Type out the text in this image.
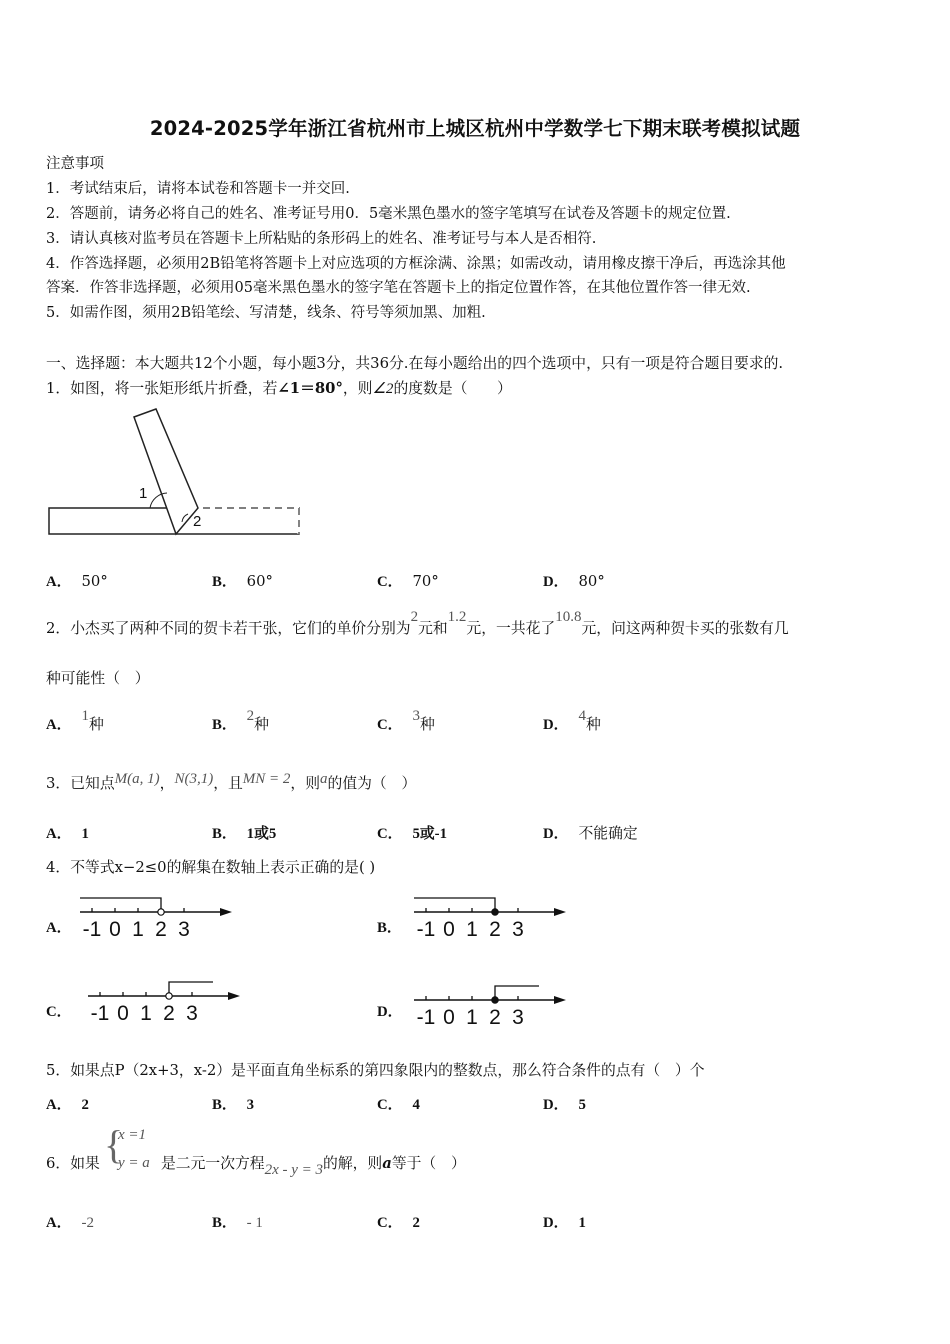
2024-2025学年浙江省杭州市上城区杭州中学数学七下期末联考模拟试题
注意事项
1．考试结束后，请将本试卷和答题卡一并交回.
2．答题前，请务必将自己的姓名、准考证号用0．5毫米黑色墨水的签字笔填写在试卷及答题卡的规定位置.
3．请认真核对监考员在答题卡上所粘贴的条形码上的姓名、准考证号与本人是否相符.
4．作答选择题，必须用2B铅笔将答题卡上对应选项的方框涂满、涂黑；如需改动，请用橡皮擦干净后，再选涂其他
答案．作答非选择题，必须用05毫米黑色墨水的签字笔在答题卡上的指定位置作答，在其他位置作答一律无效.
5．如需作图，须用2B铅笔绘、写清楚，线条、符号等须加黑、加粗.
一、选择题：本大题共12个小题，每小题3分，共36分.在每小题给出的四个选项中，只有一项是符合题目要求的.
1．如图，将一张矩形纸片折叠，若∠1＝80°，则∠2的度数是（　　）
1
2
A． 50°	B． 60°	C． 70°	D． 80°
2．小杰买了两种不同的贺卡若干张，它们的单价分别为2元和1.2元，一共花了10.8元，问这两种贺卡买的张数有几
种可能性（　）
A．1种	B．2种	C．3种	D．4种
3．已知点M(a, 1)，N(3,1)，且MN = 2，则a的值为（　）
A． 1	B． 1或5	C． 5或-1	D． 不能确定
4．不等式x−2≤0的解集在数轴上表示正确的是( )
A． -1 0 1 2 3	B． -1 0 1 2 3
C． -1 0 1 2 3	D． -1 0 1 2 3
5．如果点P（2x+3，x-2）是平面直角坐标系的第四象限内的整数点，那么符合条件的点有（　）个
A． 2	B． 3	C． 4	D． 5
6．如果 {
x =1
y = a 是二元一次方程2x - y = 3的解，则a等于（　）
A． -2	B． - 1	C． 2	D． 1
